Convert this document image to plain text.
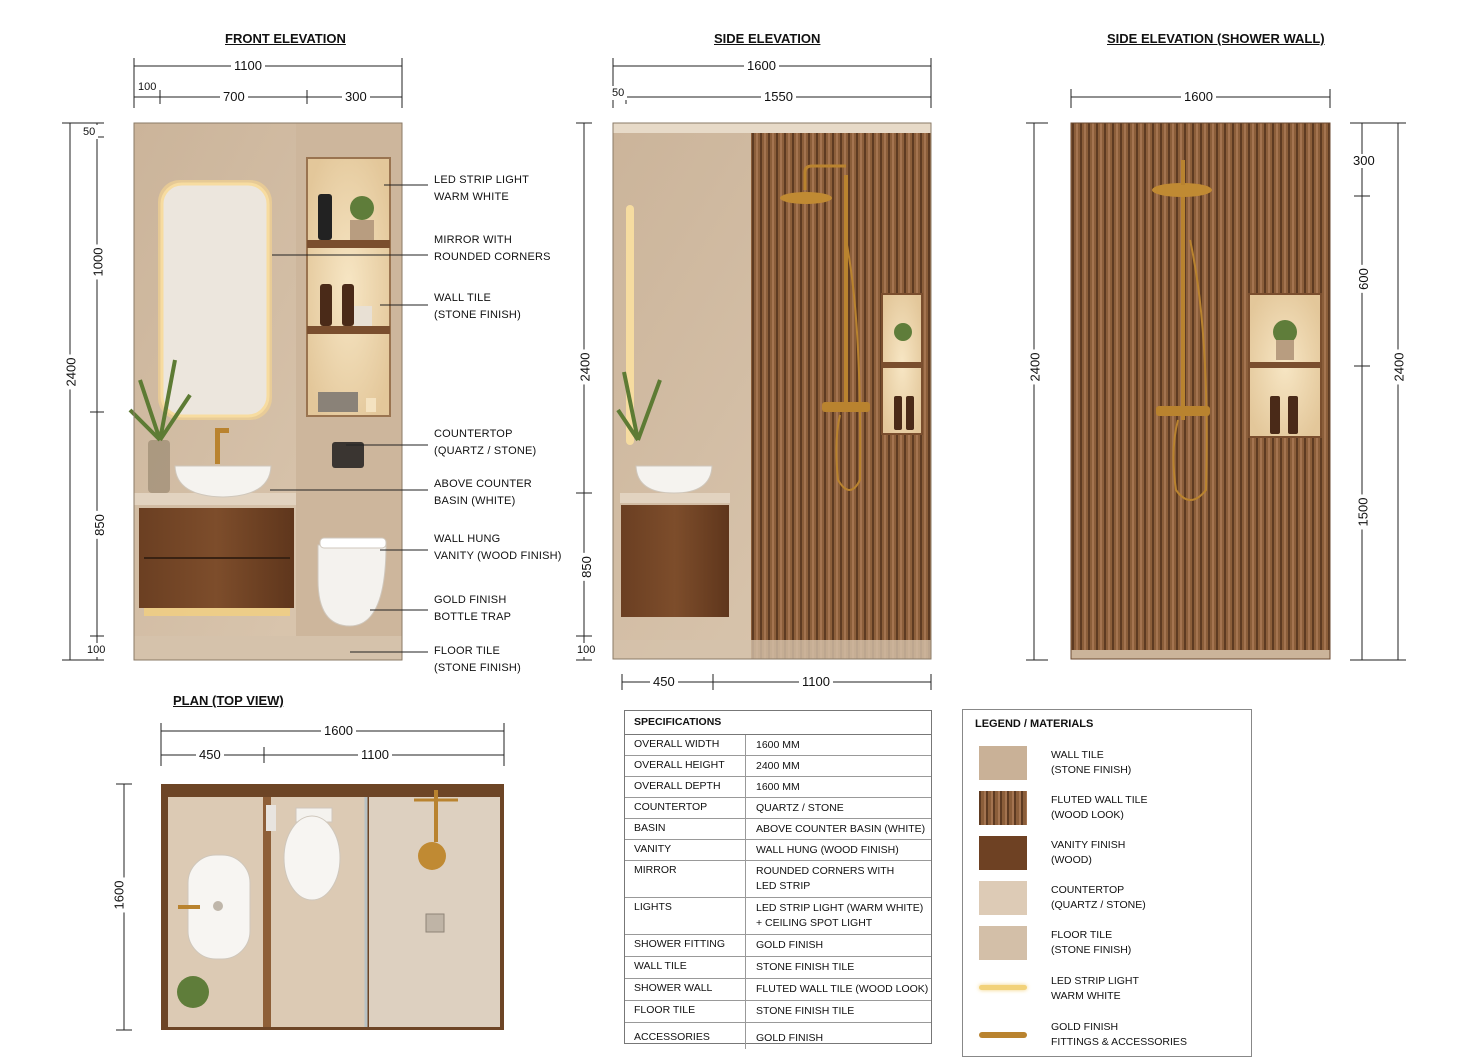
FRONT ELEVATION	SIDE ELEVATION	SIDE ELEVATION (SHOWER WALL)
PLAN (TOP VIEW)
1100
100
700	300
2400
50
1000
850
100
1600
50	1550
2400
850
100
450	1100
1600
2400
300
600
1500
2400
1600
450	1100
1600
LED STRIP LIGHT
WARM WHITE
MIRROR WITH
ROUNDED CORNERS
WALL TILE
(STONE FINISH)
COUNTERTOP
(QUARTZ / STONE)
ABOVE COUNTER
BASIN (WHITE)
WALL HUNG
VANITY (WOOD FINISH)
GOLD FINISH
BOTTLE TRAP
FLOOR TILE
(STONE FINISH)
SPECIFICATIONS
OVERALL WIDTH	1600 MM
OVERALL HEIGHT	2400 MM
OVERALL DEPTH	1600 MM
COUNTERTOP	QUARTZ / STONE
BASIN	ABOVE COUNTER BASIN (WHITE)
VANITY	WALL HUNG (WOOD FINISH)
MIRROR	ROUNDED CORNERS WITH
LED STRIP
LIGHTS	LED STRIP LIGHT (WARM WHITE)
+ CEILING SPOT LIGHT
SHOWER FITTING	GOLD FINISH
WALL TILE	STONE FINISH TILE
SHOWER WALL	FLUTED WALL TILE (WOOD LOOK)
FLOOR TILE	STONE FINISH TILE
ACCESSORIES	GOLD FINISH
LEGEND / MATERIALS
WALL TILE
(STONE FINISH)
FLUTED WALL TILE
(WOOD LOOK)
VANITY FINISH
(WOOD)
COUNTERTOP
(QUARTZ / STONE)
FLOOR TILE
(STONE FINISH)
LED STRIP LIGHT
WARM WHITE
GOLD FINISH
FITTINGS & ACCESSORIES
